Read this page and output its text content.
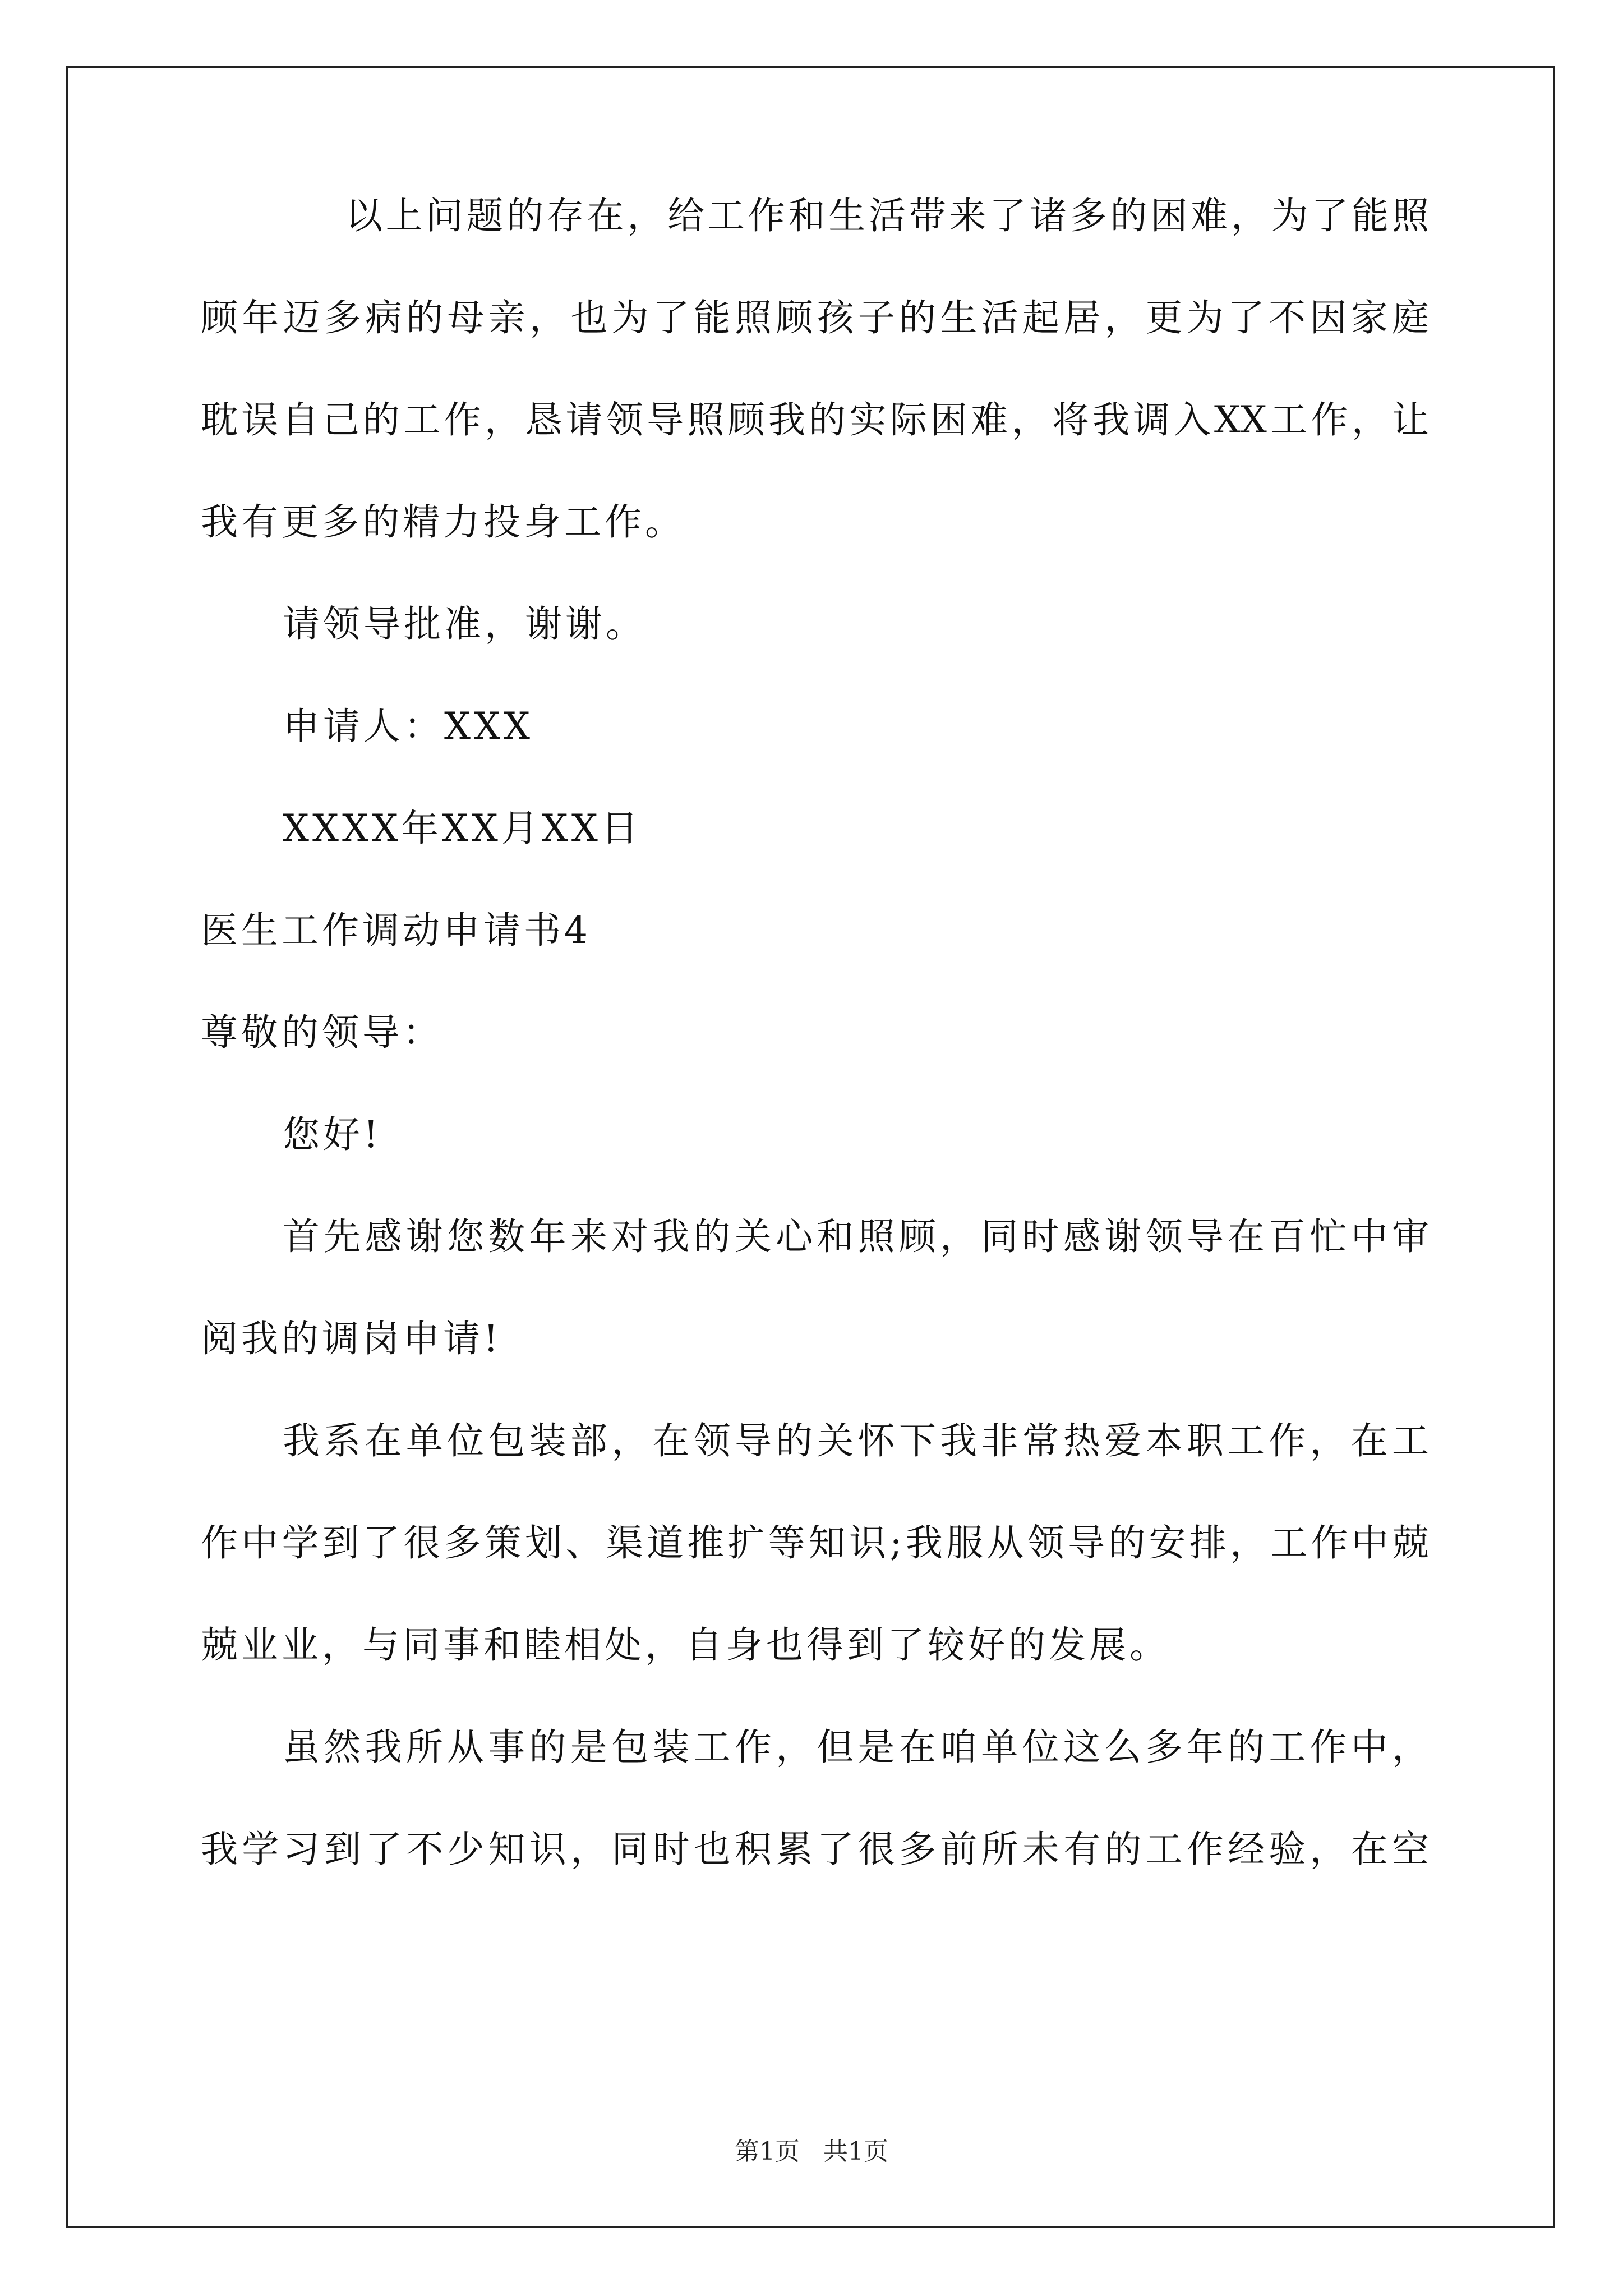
以上问题的存在，给工作和生活带来了诸多的困难，为了能照
顾年迈多病的母亲，也为了能照顾孩子的生活起居，更为了不因家庭
耽误自己的工作，恳请领导照顾我的实际困难，将我调入XX工作，让
我有更多的精力投身工作。
请领导批准，谢谢。
申请人：XXX
XXXX年XX月XX日
医生工作调动申请书4
尊敬的领导：
您好!
首先感谢您数年来对我的关心和照顾，同时感谢领导在百忙中审
阅我的调岗申请!
我系在单位包装部，在领导的关怀下我非常热爱本职工作，在工
作中学到了很多策划、渠道推扩等知识;我服从领导的安排，工作中兢
兢业业，与同事和睦相处，自身也得到了较好的发展。
虽然我所从事的是包装工作，但是在咱单位这么多年的工作中，
我学习到了不少知识，同时也积累了很多前所未有的工作经验，在空
第1页   共1页
